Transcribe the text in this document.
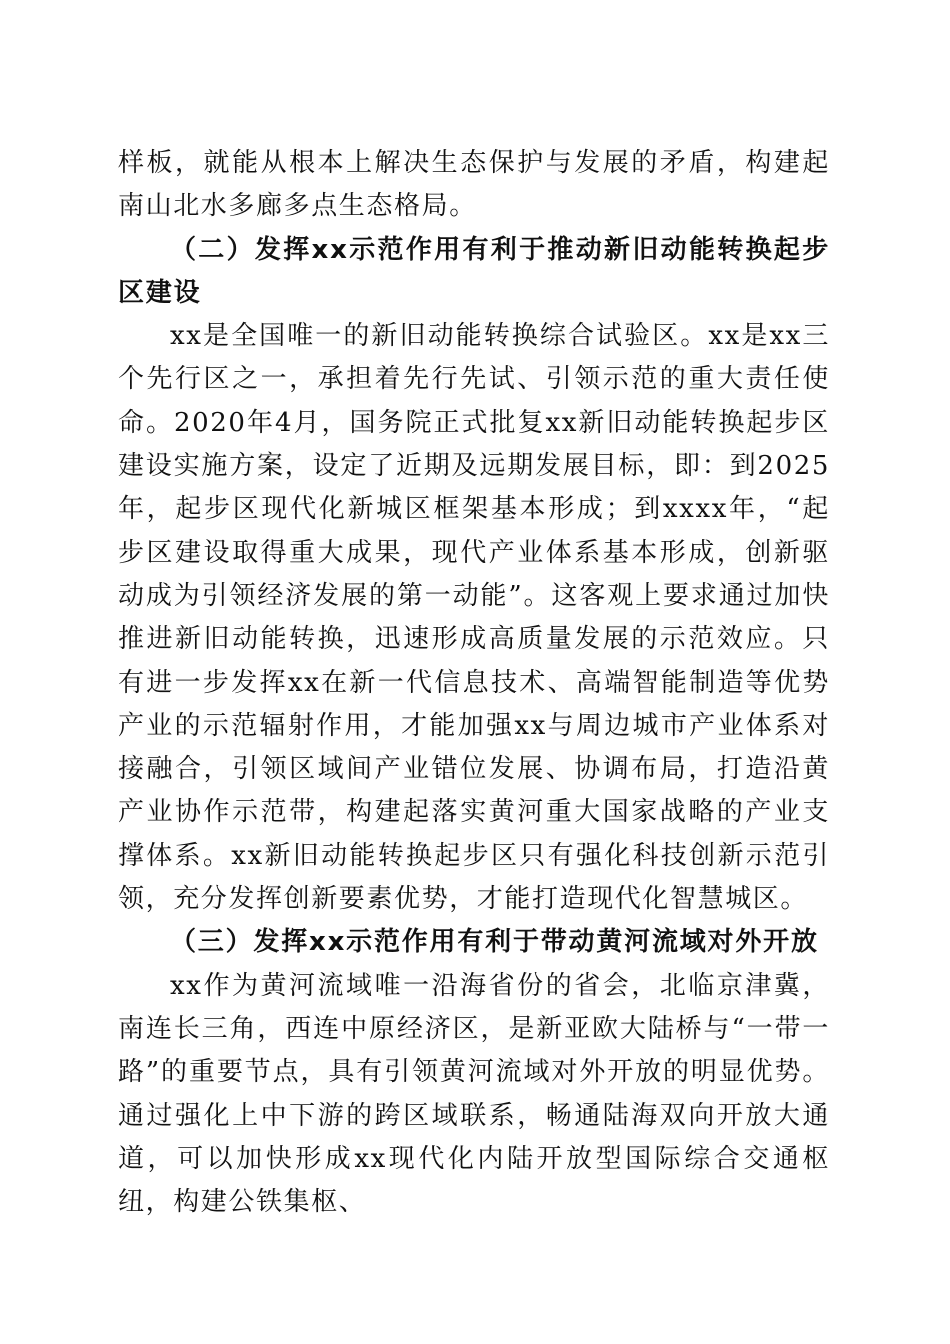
样板，就能从根本上解决生态保护与发展的矛盾，构建起南山北水多廊多点生态格局。

（二）发挥xx示范作用有利于推动新旧动能转换起步区建设

xx是全国唯一的新旧动能转换综合试验区。xx是xx三个先行区之一，承担着先行先试、引领示范的重大责任使命。2020年4月，国务院正式批复xx新旧动能转换起步区建设实施方案，设定了近期及远期发展目标，即：到2025年，起步区现代化新城区框架基本形成；到xxxx年，“起步区建设取得重大成果，现代产业体系基本形成，创新驱动成为引领经济发展的第一动能”。这客观上要求通过加快推进新旧动能转换，迅速形成高质量发展的示范效应。只有进一步发挥xx在新一代信息技术、高端智能制造等优势产业的示范辐射作用，才能加强xx与周边城市产业体系对接融合，引领区域间产业错位发展、协调布局，打造沿黄产业协作示范带，构建起落实黄河重大国家战略的产业支撑体系。xx新旧动能转换起步区只有强化科技创新示范引领，充分发挥创新要素优势，才能打造现代化智慧城区。

（三）发挥xx示范作用有利于带动黄河流域对外开放

xx作为黄河流域唯一沿海省份的省会，北临京津冀，南连长三角，西连中原经济区，是新亚欧大陆桥与“一带一路”的重要节点，具有引领黄河流域对外开放的明显优势。通过强化上中下游的跨区域联系，畅通陆海双向开放大通道，可以加快形成xx现代化内陆开放型国际综合交通枢纽，构建公铁集枢、
